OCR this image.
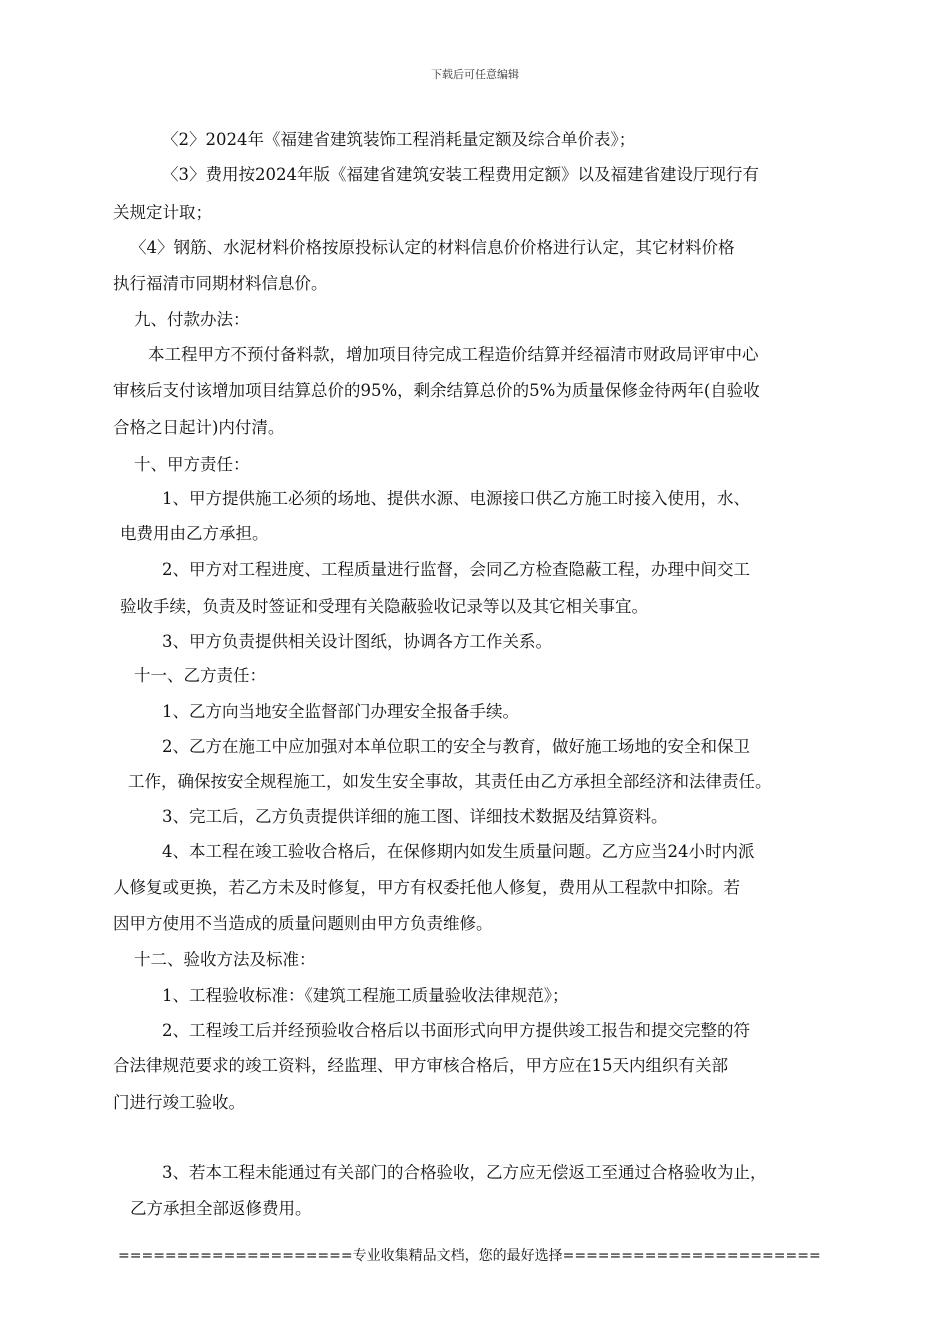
下载后可任意编辑
〈2〉2024年《福建省建筑装饰工程消耗量定额及综合单价表》；
〈3〉费用按2024年版《福建省建筑安装工程费用定额》以及福建省建设厅现行有
关规定计取；
〈4〉钢筋、水泥材料价格按原投标认定的材料信息价价格进行认定，其它材料价格
执行福清市同期材料信息价。
九、付款办法：
本工程甲方不预付备料款，增加项目待完成工程造价结算并经福清市财政局评审中心
审核后支付该增加项目结算总价的95%，剩余结算总价的5%为质量保修金待两年(自验收
合格之日起计)内付清。
十、甲方责任：
1、甲方提供施工必须的场地、提供水源、电源接口供乙方施工时接入使用，水、
电费用由乙方承担。
2、甲方对工程进度、工程质量进行监督，会同乙方检查隐蔽工程，办理中间交工
验收手续，负责及时签证和受理有关隐蔽验收记录等以及其它相关事宜。
3、甲方负责提供相关设计图纸，协调各方工作关系。
十一、乙方责任：
1、乙方向当地安全监督部门办理安全报备手续。
2、乙方在施工中应加强对本单位职工的安全与教育，做好施工场地的安全和保卫
工作，确保按安全规程施工，如发生安全事故，其责任由乙方承担全部经济和法律责任。
3、完工后，乙方负责提供详细的施工图、详细技术数据及结算资料。
4、本工程在竣工验收合格后，在保修期内如发生质量问题。乙方应当24小时内派
人修复或更换，若乙方未及时修复，甲方有权委托他人修复，费用从工程款中扣除。若
因甲方使用不当造成的质量问题则由甲方负责维修。
十二、验收方法及标准：
1、工程验收标准：《建筑工程施工质量验收法律规范》；
2、工程竣工后并经预验收合格后以书面形式向甲方提供竣工报告和提交完整的符
合法律规范要求的竣工资料，经监理、甲方审核合格后，甲方应在15天内组织有关部
门进行竣工验收。
3、若本工程未能通过有关部门的合格验收，乙方应无偿返工至通过合格验收为止，
乙方承担全部返修费用。
====================专业收集精品文档，您的最好选择======================
